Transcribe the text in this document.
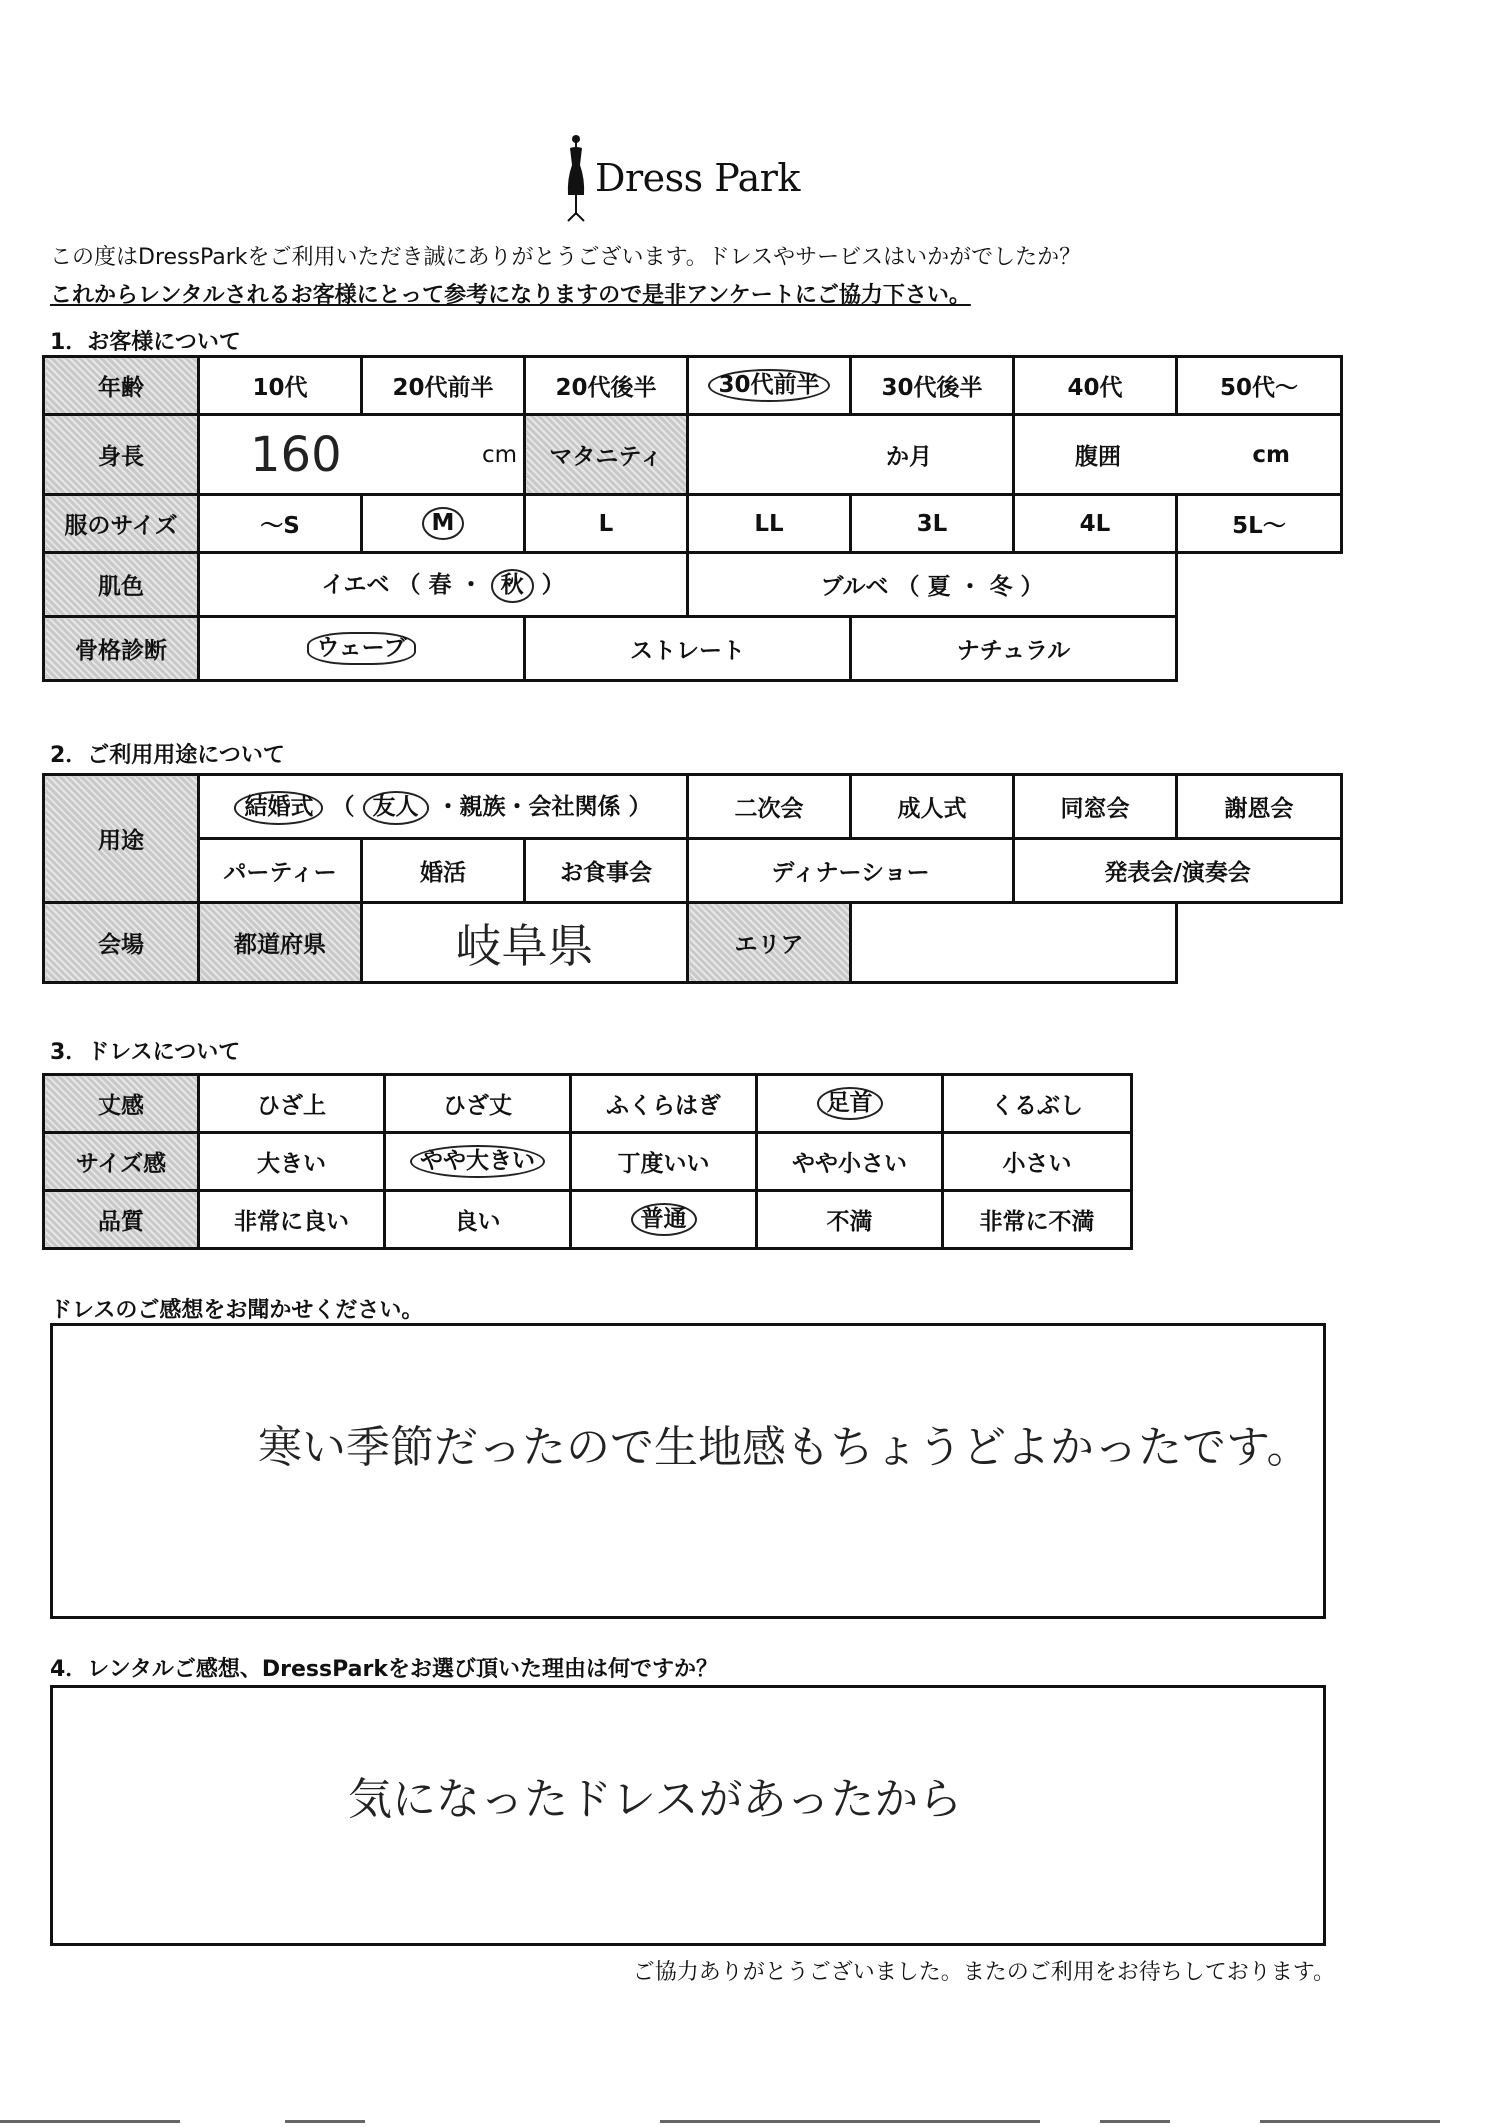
Dress Park
この度はDressParkをご利用いただき誠にありがとうございます。ドレスやサービスはいかがでしたか？
これからレンタルされるお客様にとって参考になりますので是非アンケートにご協力下さい。
1．お客様について
年齢	10代	20代前半	20代後半	30代前半	30代後半	40代	50代～
身長	160 cm		マタニティ	か月		腹囲 cm	

服のサイズ	～S	M	L	LL	3L	4L	5L～
肌色	イエベ （ 春 ・ 秋 ）			ブルベ （ 夏 ・ 冬 ）			
骨格診断	ウェーブ		ストレート		ナチュラル		
2．ご利用用途について
用途	結婚式 （ 友人 ・親族・会社関係 ）			二次会	成人式	同窓会	謝恩会
	パーティー	婚活	お食事会	ディナーショー		発表会/演奏会	
会場	都道府県	岐阜県		エリア			
3．ドレスについて
丈感	ひざ上	ひざ丈	ふくらはぎ	足首	くるぶし
サイズ感	大きい	やや大きい	丁度いい	やや小さい	小さい
品質	非常に良い	良い	普通	不満	非常に不満
ドレスのご感想をお聞かせください。
寒い季節だったので生地感もちょうどよかったです。
4．レンタルご感想、DressParkをお選び頂いた理由は何ですか？
気になったドレスがあったから
ご協力ありがとうございました。またのご利用をお待ちしております。
